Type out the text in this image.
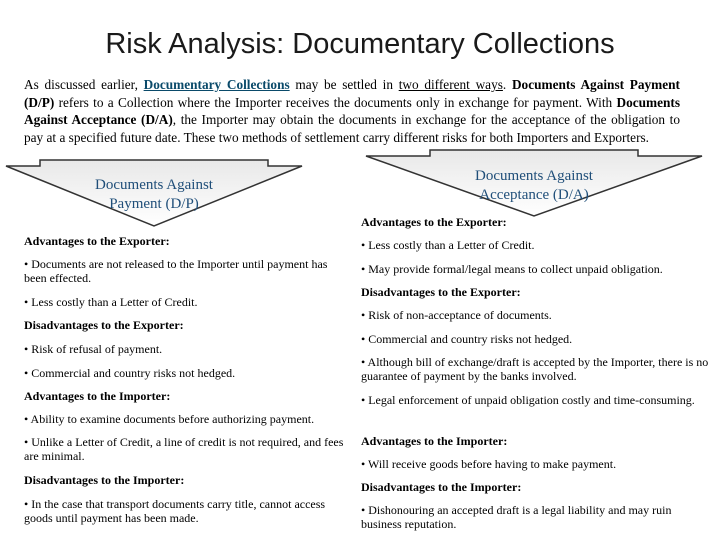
Risk Analysis: Documentary Collections
As discussed earlier, Documentary Collections may be settled in two different ways. Documents Against Payment (D/P) refers to a Collection where the Importer receives the documents only in exchange for payment. With Documents Against Acceptance (D/A), the Importer may obtain the documents in exchange for the acceptance of the obligation to pay at a specified future date. These two methods of settlement carry different risks for both Importers and Exporters.
Documents Against Payment (D/P)
Documents Against Acceptance (D/A)
Advantages to the Exporter:
• Documents are not released to the Importer until payment has been effected.
• Less costly than a Letter of Credit.
Disadvantages to the Exporter:
• Risk of refusal of payment.
• Commercial and country risks not hedged.
Advantages to the Importer:
• Ability to examine documents before authorizing payment.
• Unlike a Letter of Credit, a line of credit is not required, and fees are minimal.
Disadvantages to the Importer:
• In the case that transport documents carry title, cannot access goods until payment has been made.
Advantages to the Exporter:
• Less costly than a Letter of Credit.
• May provide formal/legal means to collect unpaid obligation.
Disadvantages to the Exporter:
• Risk of non-acceptance of documents.
• Commercial and country risks not hedged.
• Although bill of exchange/draft is accepted by the Importer, there is no guarantee of payment by the banks involved.
• Legal enforcement of unpaid obligation costly and time-consuming.
Advantages to the Importer:
• Will receive goods before having to make payment.
Disadvantages to the Importer:
• Dishonouring an accepted draft is a legal liability and may ruin business reputation.
